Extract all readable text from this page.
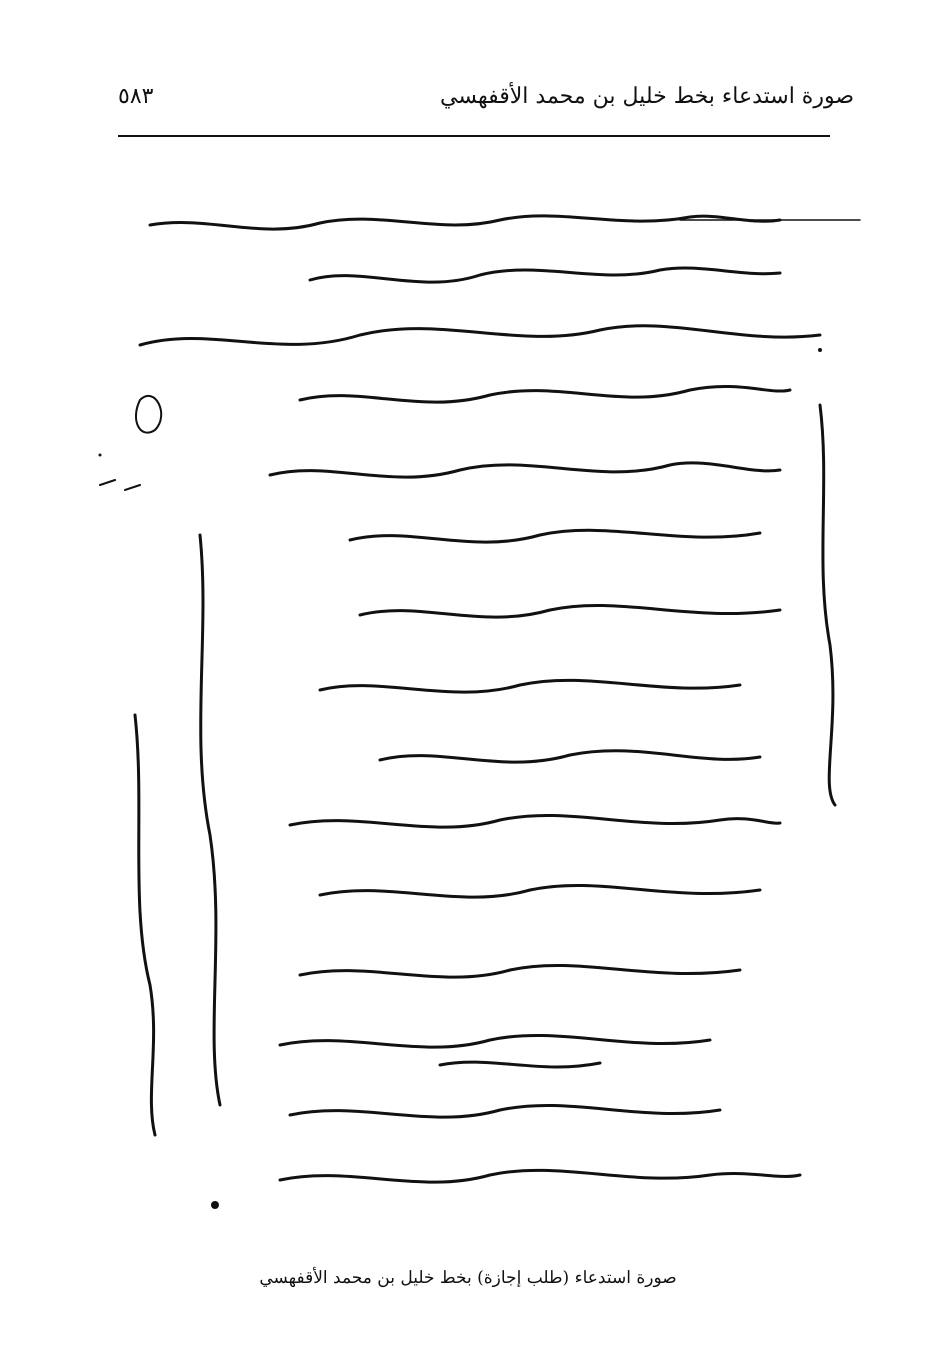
٥٨٣	صورة استدعاء بخط خليل بن محمد الأقفهسي
صورة استدعاء (طلب إجازة) بخط خليل بن محمد الأقفهسي
